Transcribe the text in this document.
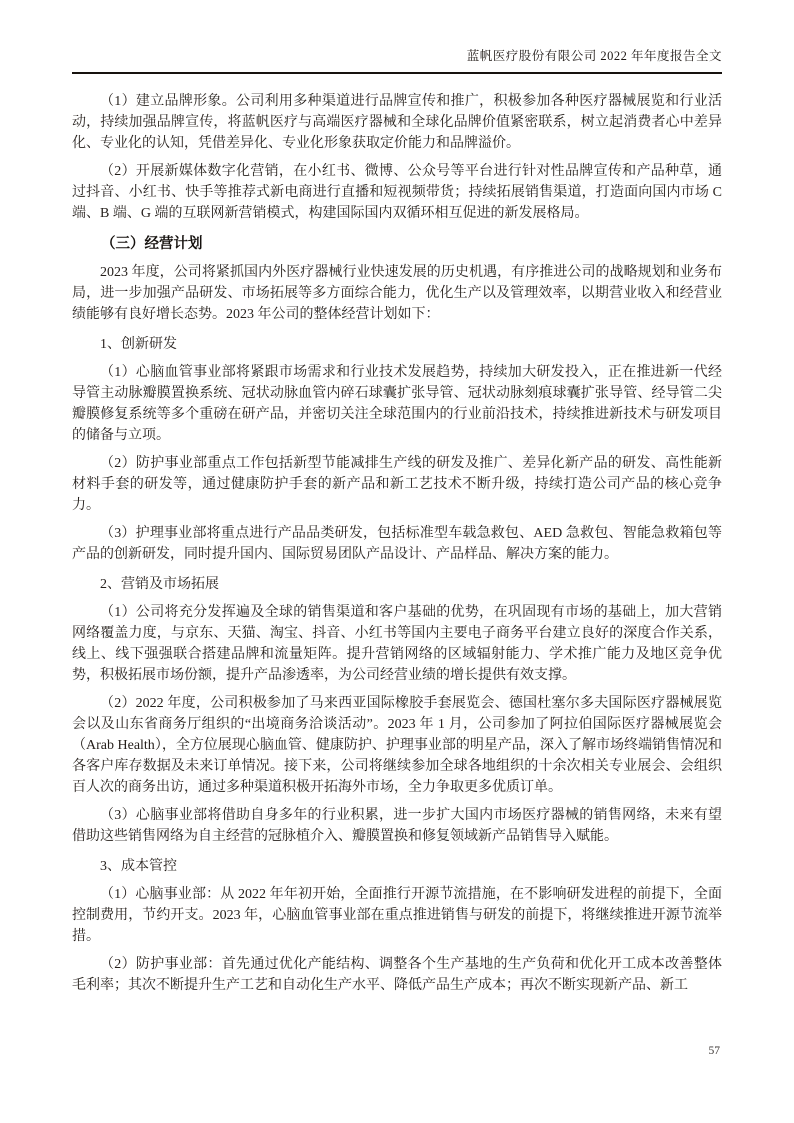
蓝帆医疗股份有限公司 2022 年年度报告全文

（1）建立品牌形象。公司利用多种渠道进行品牌宣传和推广，积极参加各种医疗器械展览和行业活动，持续加强品牌宣传，将蓝帆医疗与高端医疗器械和全球化品牌价值紧密联系，树立起消费者心中差异化、专业化的认知，凭借差异化、专业化形象获取定价能力和品牌溢价。

（2）开展新媒体数字化营销，在小红书、微博、公众号等平台进行针对性品牌宣传和产品种草，通过抖音、小红书、快手等推荐式新电商进行直播和短视频带货；持续拓展销售渠道，打造面向国内市场 C 端、B 端、G 端的互联网新营销模式，构建国际国内双循环相互促进的新发展格局。

（三）经营计划

2023 年度，公司将紧抓国内外医疗器械行业快速发展的历史机遇，有序推进公司的战略规划和业务布局，进一步加强产品研发、市场拓展等多方面综合能力，优化生产以及管理效率，以期营业收入和经营业绩能够有良好增长态势。2023 年公司的整体经营计划如下：

1、创新研发

（1）心脑血管事业部将紧跟市场需求和行业技术发展趋势，持续加大研发投入，正在推进新一代经导管主动脉瓣膜置换系统、冠状动脉血管内碎石球囊扩张导管、冠状动脉刻痕球囊扩张导管、经导管二尖瓣膜修复系统等多个重磅在研产品，并密切关注全球范围内的行业前沿技术，持续推进新技术与研发项目的储备与立项。

（2）防护事业部重点工作包括新型节能减排生产线的研发及推广、差异化新产品的研发、高性能新材料手套的研发等，通过健康防护手套的新产品和新工艺技术不断升级，持续打造公司产品的核心竞争力。

（3）护理事业部将重点进行产品品类研发，包括标准型车载急救包、AED 急救包、智能急救箱包等产品的创新研发，同时提升国内、国际贸易团队产品设计、产品样品、解决方案的能力。

2、营销及市场拓展

（1）公司将充分发挥遍及全球的销售渠道和客户基础的优势，在巩固现有市场的基础上，加大营销网络覆盖力度，与京东、天猫、淘宝、抖音、小红书等国内主要电子商务平台建立良好的深度合作关系，线上、线下强强联合搭建品牌和流量矩阵。提升营销网络的区域辐射能力、学术推广能力及地区竞争优势，积极拓展市场份额，提升产品渗透率，为公司经营业绩的增长提供有效支撑。

（2）2022 年度，公司积极参加了马来西亚国际橡胶手套展览会、德国杜塞尔多夫国际医疗器械展览会以及山东省商务厅组织的“出境商务洽谈活动”。2023 年 1 月，公司参加了阿拉伯国际医疗器械展览会（Arab Health），全方位展现心脑血管、健康防护、护理事业部的明星产品，深入了解市场终端销售情况和各客户库存数据及未来订单情况。接下来，公司将继续参加全球各地组织的十余次相关专业展会、会组织百人次的商务出访，通过多种渠道积极开拓海外市场，全力争取更多优质订单。

（3）心脑事业部将借助自身多年的行业积累，进一步扩大国内市场医疗器械的销售网络，未来有望借助这些销售网络为自主经营的冠脉植介入、瓣膜置换和修复领域新产品销售导入赋能。

3、成本管控

（1）心脑事业部：从 2022 年年初开始，全面推行开源节流措施，在不影响研发进程的前提下，全面控制费用，节约开支。2023 年，心脑血管事业部在重点推进销售与研发的前提下，将继续推进开源节流举措。

（2）防护事业部：首先通过优化产能结构、调整各个生产基地的生产负荷和优化开工成本改善整体毛利率；其次不断提升生产工艺和自动化生产水平、降低产品生产成本；再次不断实现新产品、新工

57
